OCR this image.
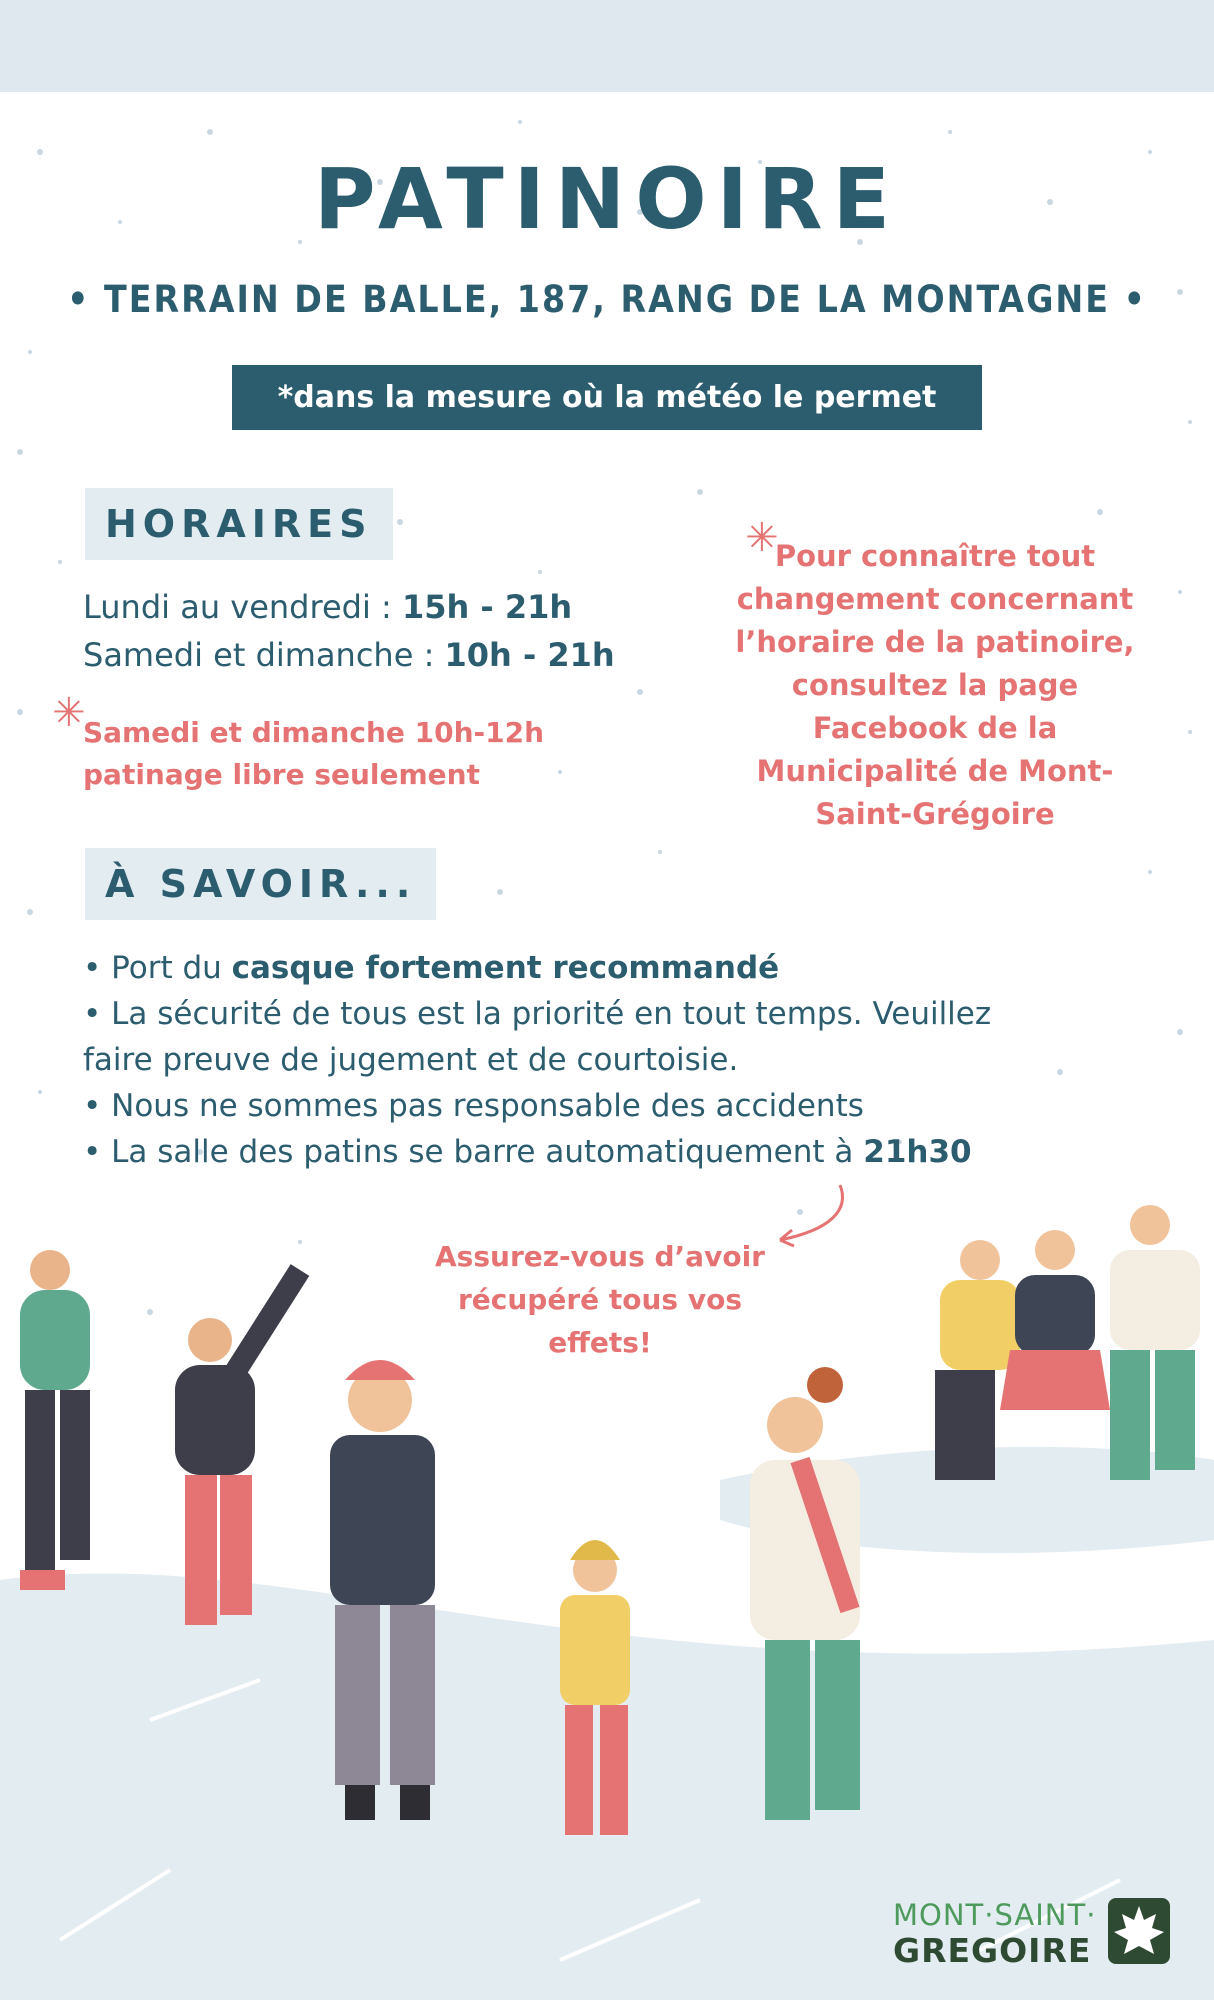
PATINOIRE
• TERRAIN DE BALLE, 187, RANG DE LA MONTAGNE •
*dans la mesure où la météo le permet
HORAIRES
Lundi au vendredi : 15h - 21h
Samedi et dimanche : 10h - 21h
✳
Samedi et dimanche 10h-12h
patinage libre seulement
✳
Pour connaître tout
changement concernant
l’horaire de la patinoire,
consultez la page
Facebook de la
Municipalité de Mont-
Saint-Grégoire
À SAVOIR...

• Port du casque fortement recommandé

• La sécurité de tous est la priorité en tout temps. Veuillez

faire preuve de jugement et de courtoisie.

• Nous ne sommes pas responsable des accidents

• La salle des patins se barre automatiquement à 21h30

Assurez-vous d’avoir
récupéré tous vos
effets!
MONT·SAINT·
GREGOIRE
